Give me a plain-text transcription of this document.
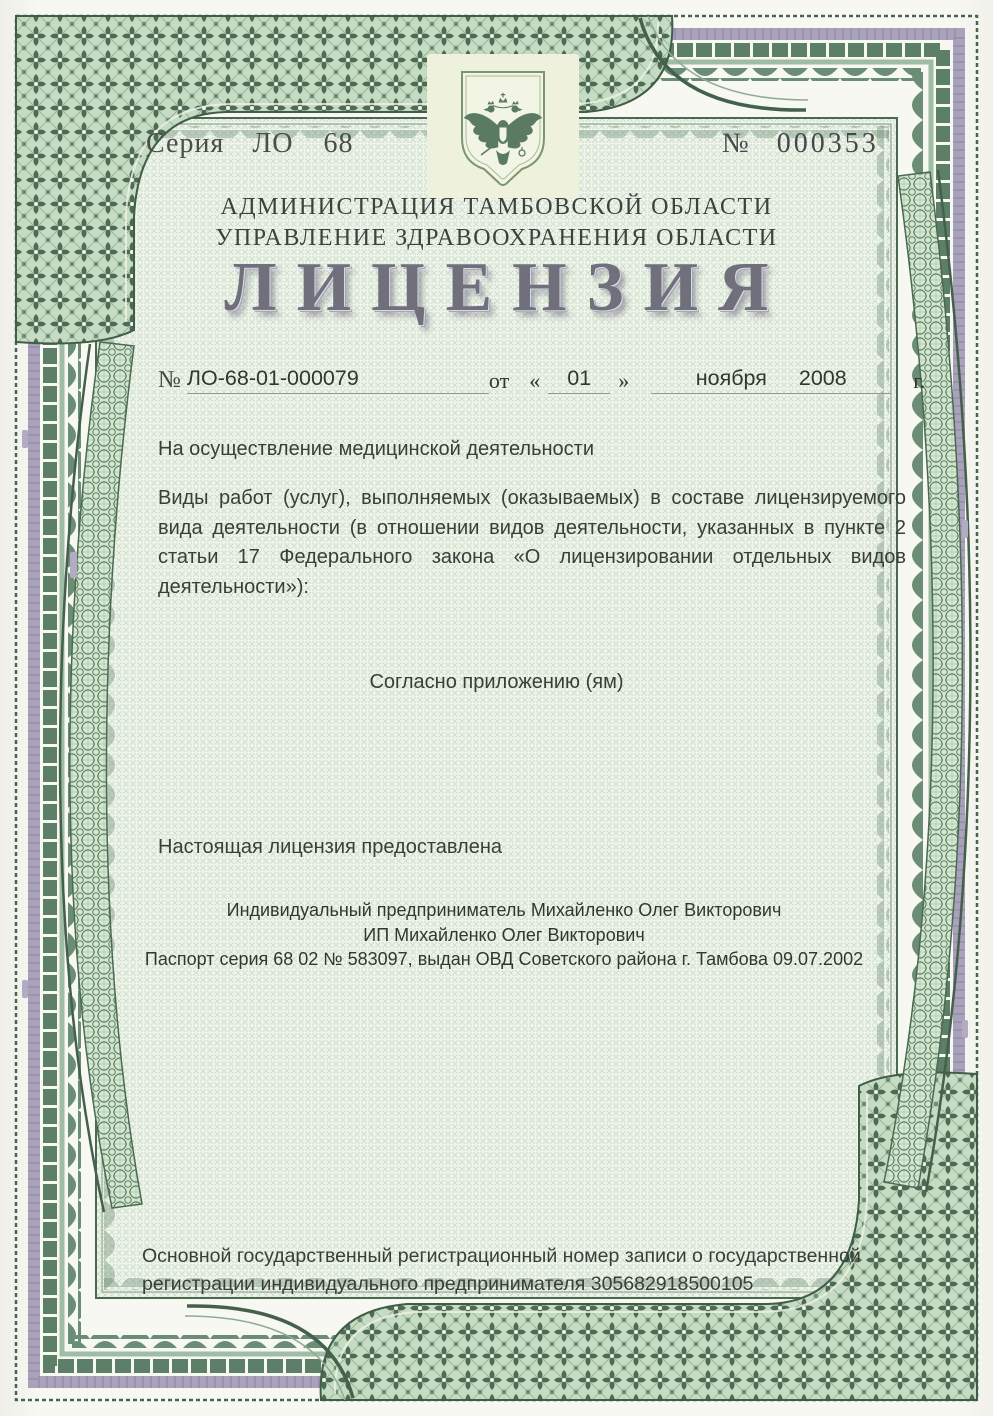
Серия ЛО 68	№ 000353
АДМИНИСТРАЦИЯ ТАМБОВСКОЙ ОБЛАСТИ
УПРАВЛЕНИЕ ЗДРАВООХРАНЕНИЯ ОБЛАСТИ
ЛИЦЕНЗИЯ
№ ЛО-68-01-000079	от «	01	»	ноября 2008	г.
На осуществление медицинской деятельности
Виды работ (услуг), выполняемых (оказываемых) в составе лицензируемого вида деятельности (в отношении видов деятельности, указанных в пункте 2 статьи 17 Федерального закона «О лицензировании отдельных видов деятельности»):
Согласно приложению (ям)
Настоящая лицензия предоставлена
Индивидуальный предприниматель Михайленко Олег Викторович
ИП Михайленко Олег Викторович
Паспорт серия 68 02 № 583097, выдан ОВД Советского района г. Тамбова 09.07.2002
Основной государственный регистрационный номер записи о государственной регистрации индивидуального предпринимателя 305682918500105
